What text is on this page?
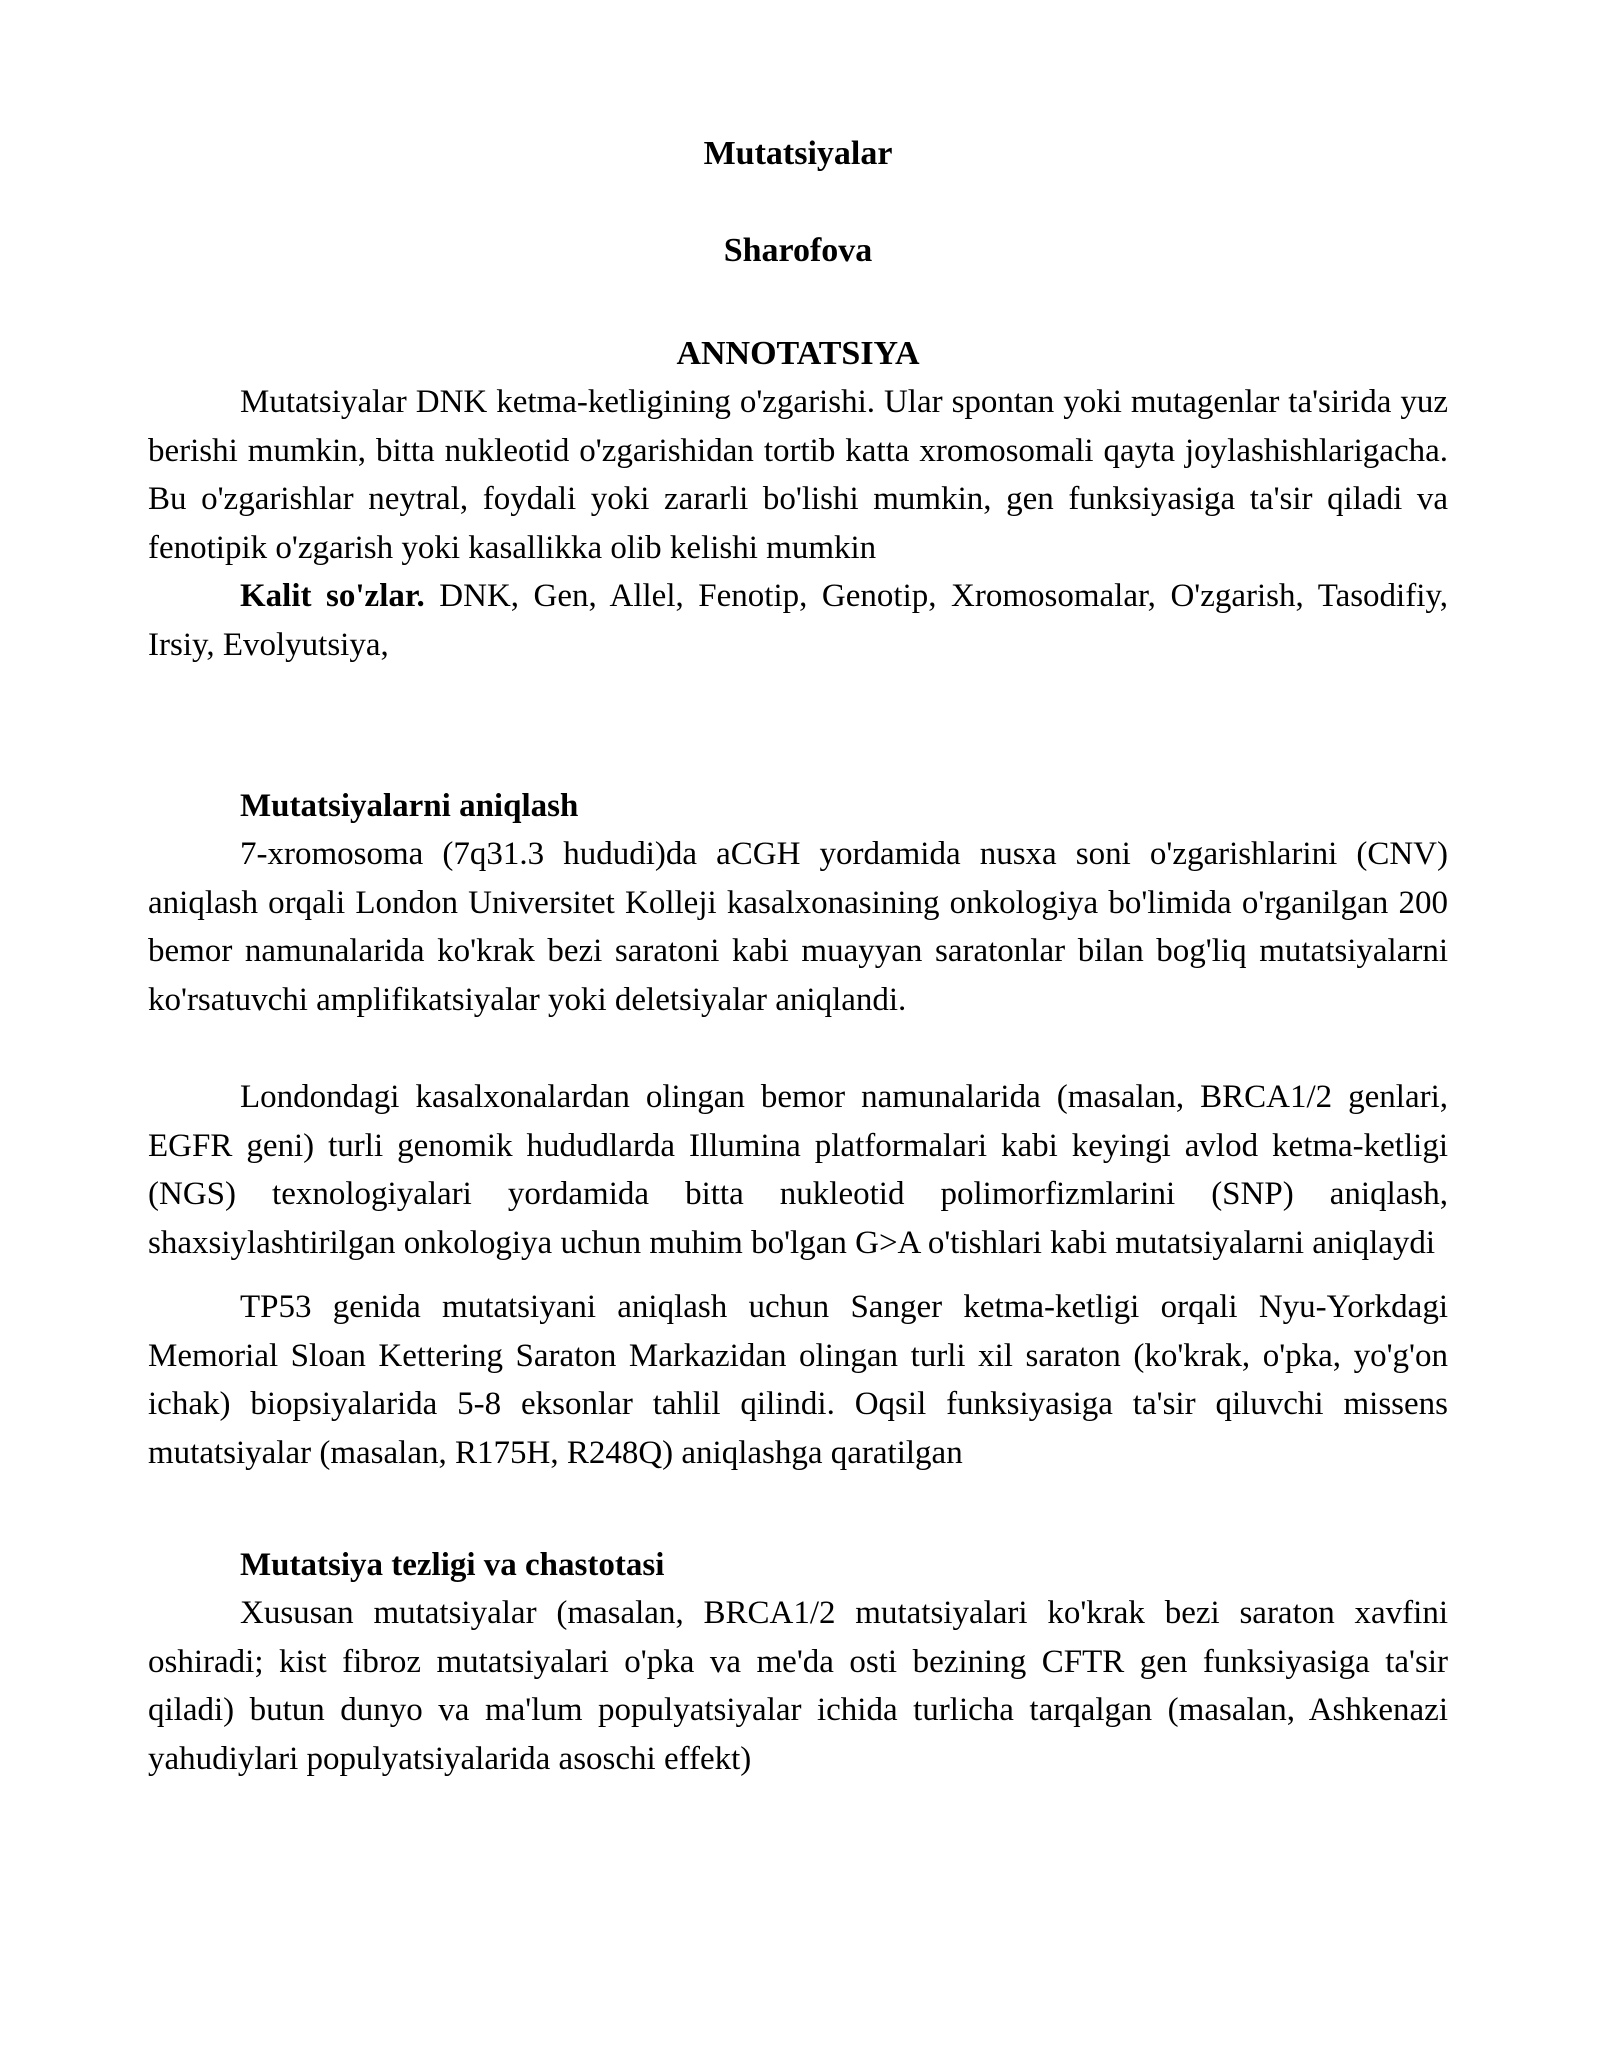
Mutatsiyalar

Sharofova

ANNOTATSIYA

Mutatsiyalar DNK ketma-ketligining o'zgarishi. Ular spontan yoki mutagenlar ta'sirida yuz berishi mumkin, bitta nukleotid o'zgarishidan tortib katta xromosomali qayta joylashishlarigacha. Bu o'zgarishlar neytral, foydali yoki zararli bo'lishi mumkin, gen funksiyasiga ta'sir qiladi va fenotipik o'zgarish yoki kasallikka olib kelishi mumkin

Kalit so'zlar. DNK, Gen, Allel, Fenotip, Genotip, Xromosomalar, O'zgarish, Tasodifiy, Irsiy, Evolyutsiya,

Mutatsiyalarni aniqlash

7-xromosoma (7q31.3 hududi)da aCGH yordamida nusxa soni o'zgarishlarini (CNV) aniqlash orqali London Universitet Kolleji kasalxonasining onkologiya bo'limida o'rganilgan 200 bemor namunalarida ko'krak bezi saratoni kabi muayyan saratonlar bilan bog'liq mutatsiyalarni ko'rsatuvchi amplifikatsiyalar yoki deletsiyalar aniqlandi.

Londondagi kasalxonalardan olingan bemor namunalarida (masalan, BRCA1/2 genlari, EGFR geni) turli genomik hududlarda Illumina platformalari kabi keyingi avlod ketma-ketligi (NGS) texnologiyalari yordamida bitta nukleotid polimorfizmlarini (SNP) aniqlash, shaxsiylashtirilgan onkologiya uchun muhim bo'lgan G>A o'tishlari kabi mutatsiyalarni aniqlaydi

TP53 genida mutatsiyani aniqlash uchun Sanger ketma-ketligi orqali Nyu-Yorkdagi Memorial Sloan Kettering Saraton Markazidan olingan turli xil saraton (ko'krak, o'pka, yo'g'on ichak) biopsiyalarida 5-8 eksonlar tahlil qilindi. Oqsil funksiyasiga ta'sir qiluvchi missens mutatsiyalar (masalan, R175H, R248Q) aniqlashga qaratilgan

Mutatsiya tezligi va chastotasi

Xususan mutatsiyalar (masalan, BRCA1/2 mutatsiyalari ko'krak bezi saraton xavfini oshiradi; kist fibroz mutatsiyalari o'pka va me'da osti bezining CFTR gen funksiyasiga ta'sir qiladi) butun dunyo va ma'lum populyatsiyalar ichida turlicha tarqalgan (masalan, Ashkenazi yahudiylari populyatsiyalarida asoschi effekt)
